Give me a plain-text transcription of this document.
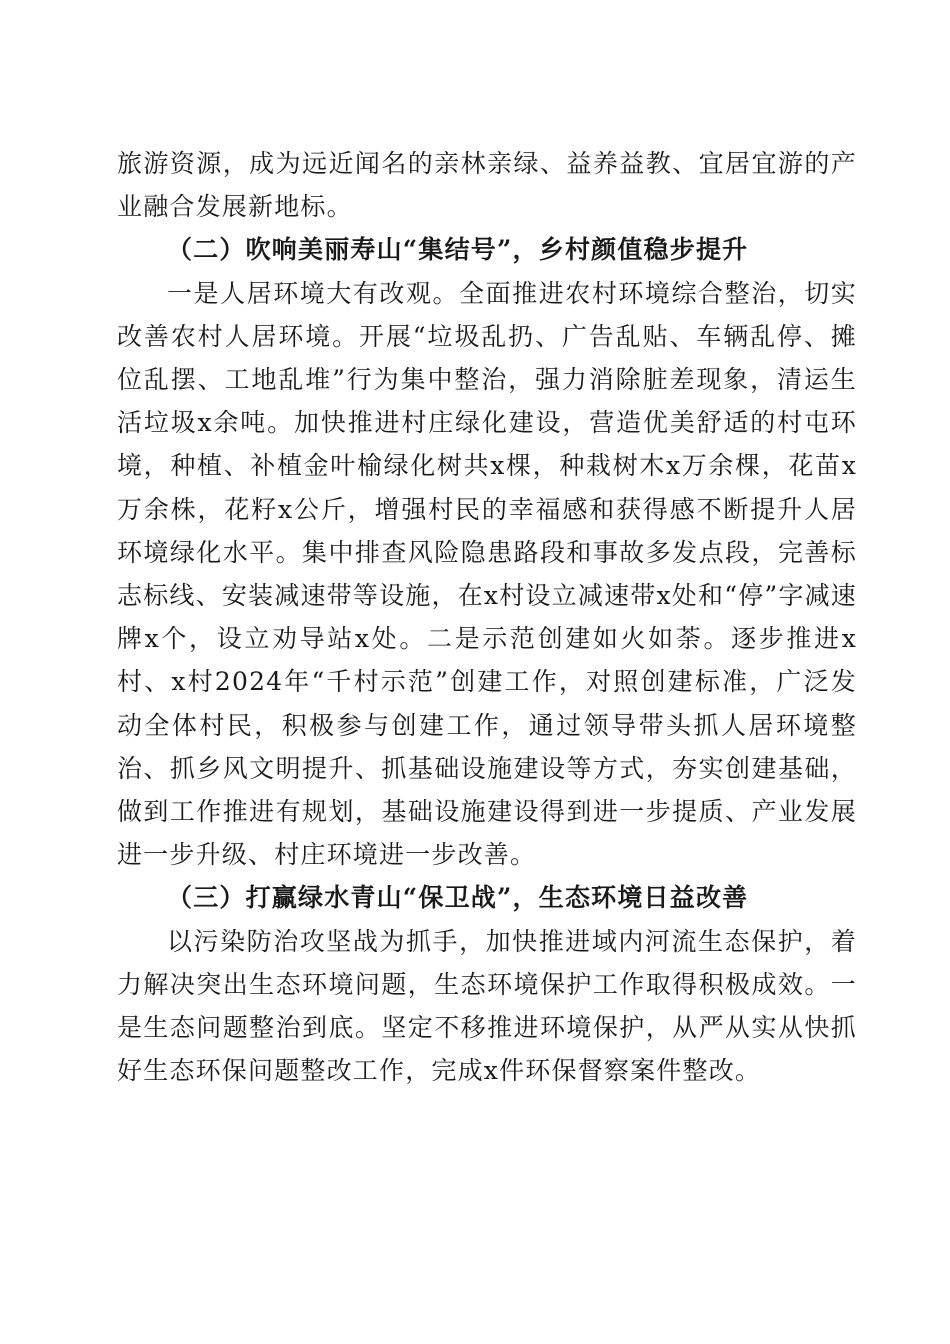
旅游资源，成为远近闻名的亲林亲绿、益养益教、宜居宜游的产业融合发展新地标。

（二）吹响美丽寿山“集结号”，乡村颜值稳步提升

一是人居环境大有改观。全面推进农村环境综合整治，切实改善农村人居环境。开展“垃圾乱扔、广告乱贴、车辆乱停、摊位乱摆、工地乱堆”行为集中整治，强力消除脏差现象，清运生活垃圾x余吨。加快推进村庄绿化建设，营造优美舒适的村屯环境，种植、补植金叶榆绿化树共x棵，种栽树木x万余棵，花苗x万余株，花籽x公斤，增强村民的幸福感和获得感不断提升人居环境绿化水平。集中排查风险隐患路段和事故多发点段，完善标志标线、安装减速带等设施，在x村设立减速带x处和“停”字减速牌x个，设立劝导站x处。二是示范创建如火如荼。逐步推进x村、x村2024年“千村示范”创建工作，对照创建标准，广泛发动全体村民，积极参与创建工作，通过领导带头抓人居环境整治、抓乡风文明提升、抓基础设施建设等方式，夯实创建基础，做到工作推进有规划，基础设施建设得到进一步提质、产业发展进一步升级、村庄环境进一步改善。

（三）打赢绿水青山“保卫战”，生态环境日益改善

以污染防治攻坚战为抓手，加快推进域内河流生态保护，着力解决突出生态环境问题，生态环境保护工作取得积极成效。一是生态问题整治到底。坚定不移推进环境保护，从严从实从快抓好生态环保问题整改工作，完成x件环保督察案件整改。
